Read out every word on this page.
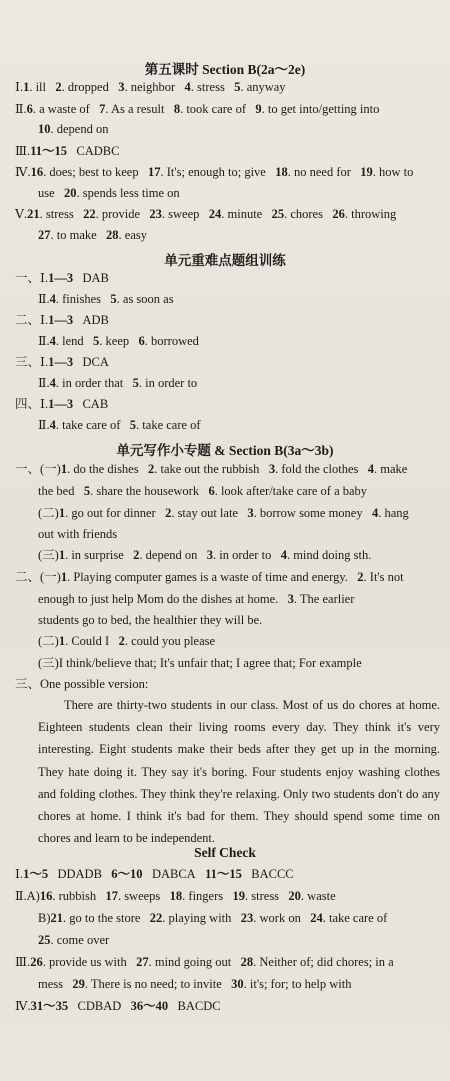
第五课时 Section B(2a～2e)
Ⅰ.1. ill   2. dropped   3. neighbor   4. stress   5. anyway
Ⅱ.6. a waste of   7. As a result   8. took care of   9. to get into/getting into
10. depend on
Ⅲ.11～15   CADBC
Ⅳ.16. does; best to keep   17. It's; enough to; give   18. no need for   19. how to
use   20. spends less time on
Ⅴ.21. stress   22. provide   23. sweep   24. minute   25. chores   26. throwing
27. to make   28. easy
单元重难点题组训练
一、Ⅰ.1—3   DAB
Ⅱ.4. finishes   5. as soon as
二、Ⅰ.1—3   ADB
Ⅱ.4. lend   5. keep   6. borrowed
三、Ⅰ.1—3   DCA
Ⅱ.4. in order that   5. in order to
四、Ⅰ.1—3   CAB
Ⅱ.4. take care of   5. take care of
单元写作小专题 & Section B(3a～3b)
一、(一)1. do the dishes   2. take out the rubbish   3. fold the clothes   4. make
the bed   5. share the housework   6. look after/take care of a baby
(二)1. go out for dinner   2. stay out late   3. borrow some money   4. hang
out with friends
(三)1. in surprise   2. depend on   3. in order to   4. mind doing sth.
二、(一)1. Playing computer games is a waste of time and energy.   2. It's not
enough to just help Mom do the dishes at home.   3. The earlier
students go to bed, the healthier they will be.
(二)1. Could I   2. could you please
(三)I think/believe that; It's unfair that; I agree that; For example
三、One possible version:
There are thirty-two students in our class. Most of us do chores at home. Eighteen students clean their living rooms every day. They think it's very interesting. Eight students make their beds after they get up in the morning. They hate doing it. They say it's boring. Four students enjoy washing clothes and folding clothes. They think they're relaxing. Only two students don't do any chores at home. I think it's bad for them. They should spend some time on chores and learn to be independent.
Self Check
Ⅰ.1～5   DDADB   6～10   DABCA   11～15   BACCC
Ⅱ.A)16. rubbish   17. sweeps   18. fingers   19. stress   20. waste
B)21. go to the store   22. playing with   23. work on   24. take care of
25. come over
Ⅲ.26. provide us with   27. mind going out   28. Neither of; did chores; in a
mess   29. There is no need; to invite   30. it's; for; to help with
Ⅳ.31～35   CDBAD   36～40   BACDC
